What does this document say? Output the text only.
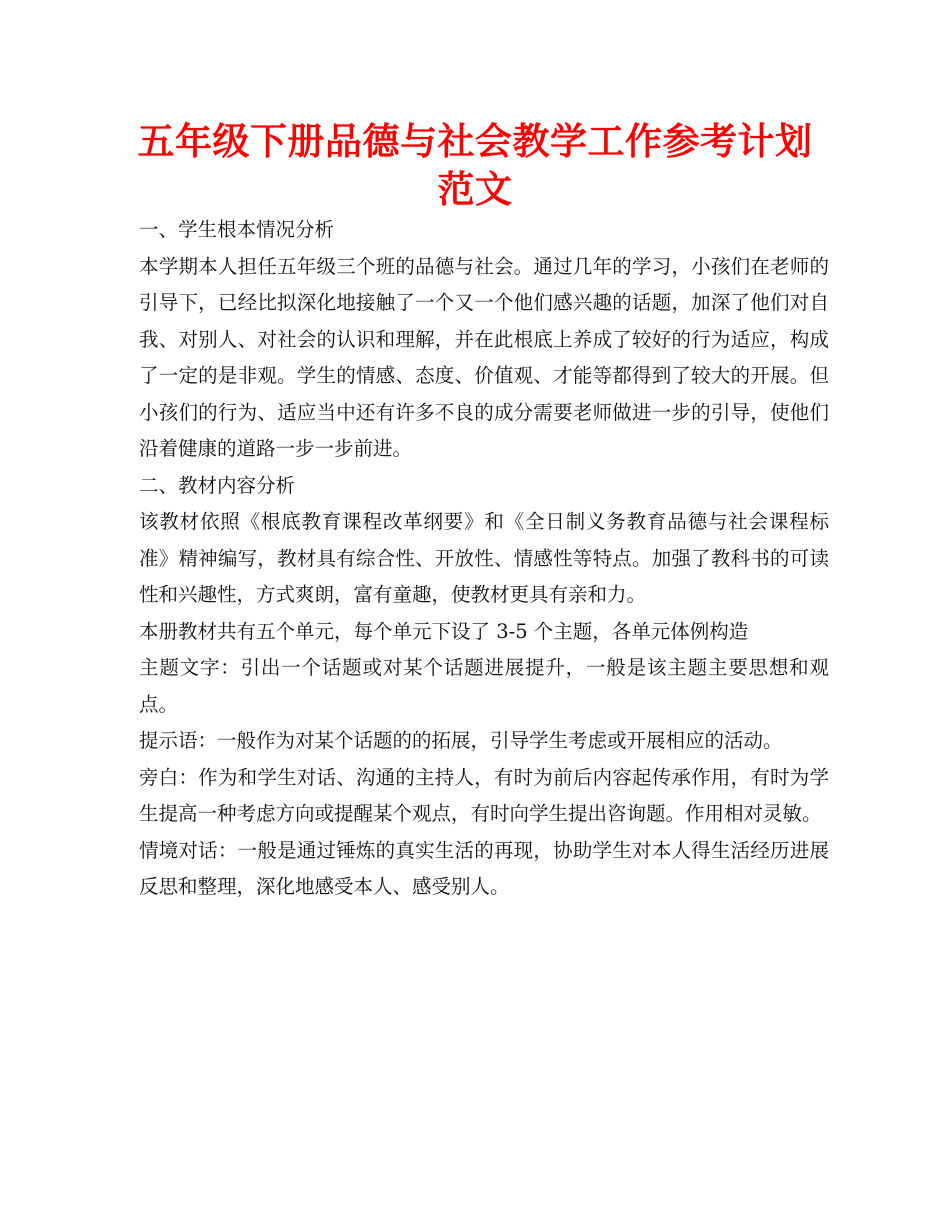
五年级下册品德与社会教学工作参考计划范文

一、学生根本情况分析

本学期本人担任五年级三个班的品德与社会。通过几年的学习，小孩们在老师的引导下，已经比拟深化地接触了一个又一个他们感兴趣的话题，加深了他们对自我、对别人、对社会的认识和理解，并在此根底上养成了较好的行为适应，构成了一定的是非观。学生的情感、态度、价值观、才能等都得到了较大的开展。但小孩们的行为、适应当中还有许多不良的成分需要老师做进一步的引导，使他们沿着健康的道路一步一步前进。

二、教材内容分析

该教材依照《根底教育课程改革纲要》和《全日制义务教育品德与社会课程标准》精神编写，教材具有综合性、开放性、情感性等特点。加强了教科书的可读性和兴趣性，方式爽朗，富有童趣，使教材更具有亲和力。

本册教材共有五个单元，每个单元下设了 3-5 个主题，各单元体例构造

主题文字：引出一个话题或对某个话题进展提升，一般是该主题主要思想和观点。

提示语：一般作为对某个话题的的拓展，引导学生考虑或开展相应的活动。

旁白：作为和学生对话、沟通的主持人，有时为前后内容起传承作用，有时为学生提高一种考虑方向或提醒某个观点，有时向学生提出咨询题。作用相对灵敏。

情境对话：一般是通过锤炼的真实生活的再现，协助学生对本人得生活经历进展反思和整理，深化地感受本人、感受别人。
